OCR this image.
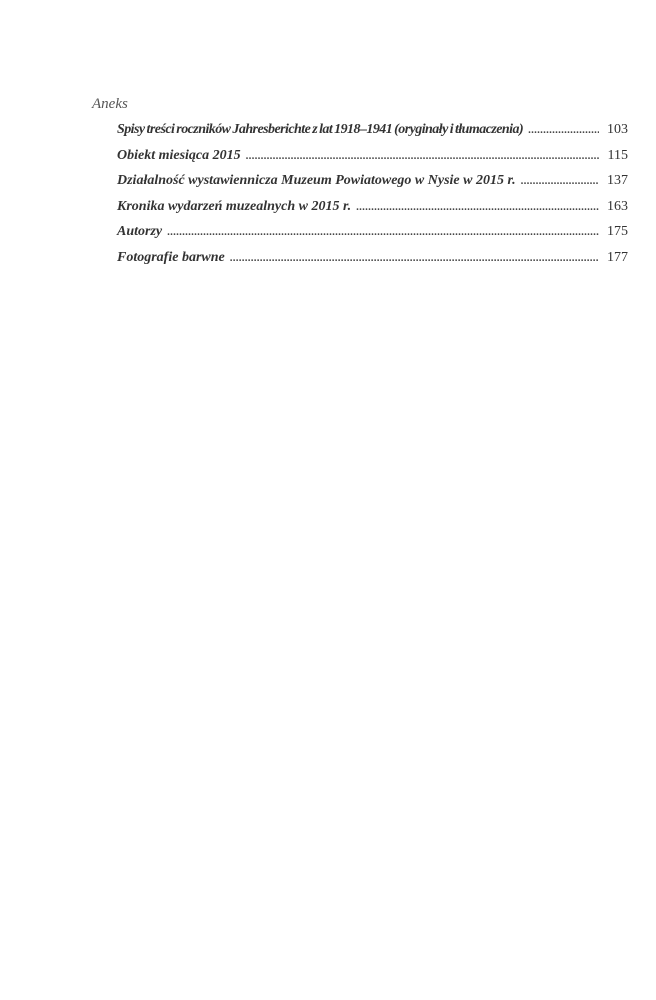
Aneks
Spisy treści roczników Jahresberichte z lat 1918–1941 (oryginały i tłumaczenia) .....	103
Obiekt miesiąca 2015 .....	115
Działalność wystawiennicza Muzeum Powiatowego w Nysie w 2015 r. .....	137
Kronika wydarzeń muzealnych w 2015 r. .....	163
Autorzy .....	175
Fotografie barwne .....	177
